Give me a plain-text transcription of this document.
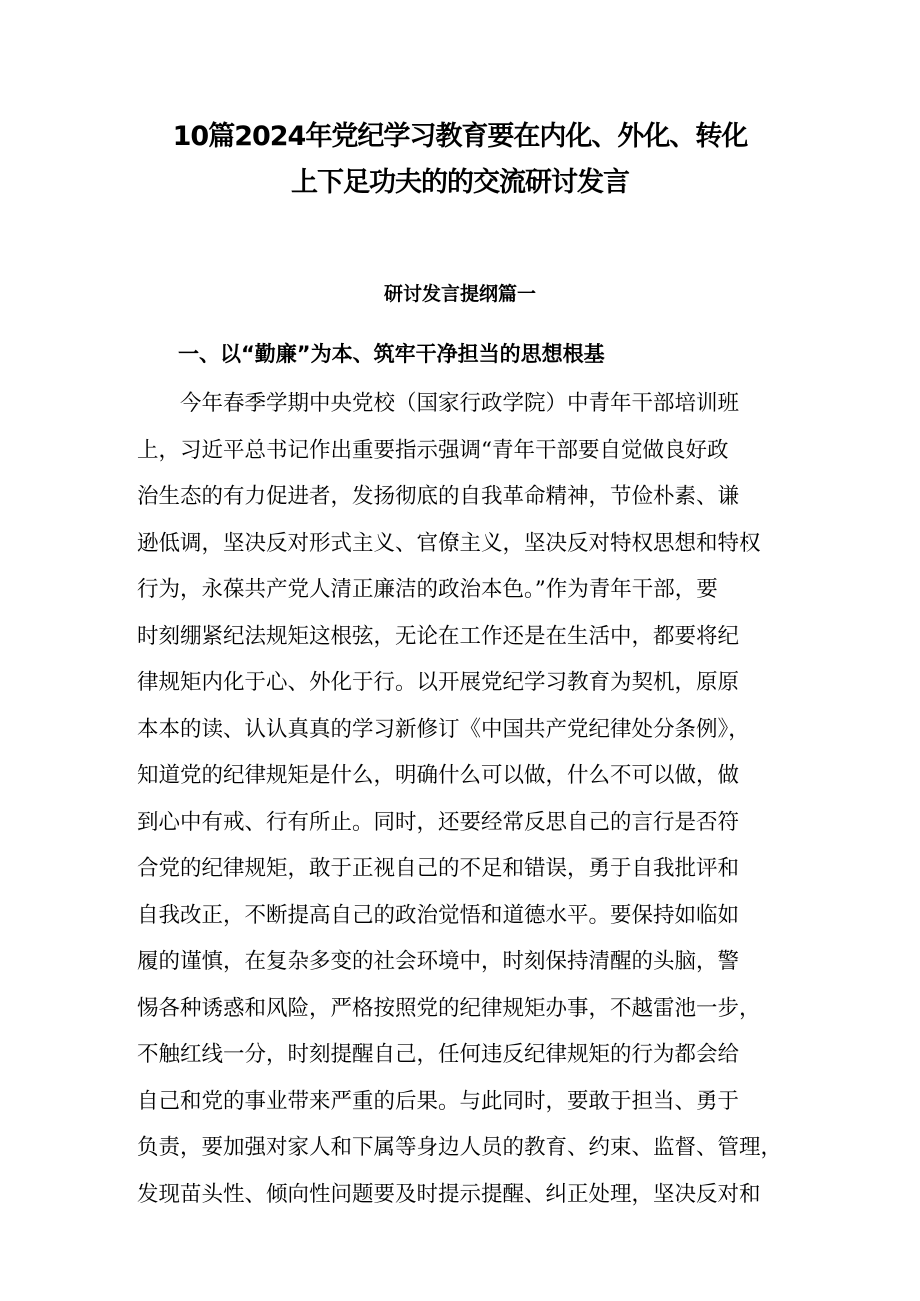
10篇2024年党纪学习教育要在内化、外化、转化
上下足功夫的的交流研讨发言
研讨发言提纲篇一
一、以“勤廉”为本、筑牢干净担当的思想根基
今年春季学期中央党校（国家行政学院）中青年干部培训班
上，习近平总书记作出重要指示强调“青年干部要自觉做良好政
治生态的有力促进者，发扬彻底的自我革命精神，节俭朴素、谦
逊低调，坚决反对形式主义、官僚主义，坚决反对特权思想和特权
行为，永葆共产党人清正廉洁的政治本色。”作为青年干部，要
时刻绷紧纪法规矩这根弦，无论在工作还是在生活中，都要将纪
律规矩内化于心、外化于行。以开展党纪学习教育为契机，原原
本本的读、认认真真的学习新修订《中国共产党纪律处分条例》，
知道党的纪律规矩是什么，明确什么可以做，什么不可以做，做
到心中有戒、行有所止。同时，还要经常反思自己的言行是否符
合党的纪律规矩，敢于正视自己的不足和错误，勇于自我批评和
自我改正，不断提高自己的政治觉悟和道德水平。要保持如临如
履的谨慎，在复杂多变的社会环境中，时刻保持清醒的头脑，警
惕各种诱惑和风险，严格按照党的纪律规矩办事，不越雷池一步，
不触红线一分，时刻提醒自己，任何违反纪律规矩的行为都会给
自己和党的事业带来严重的后果。与此同时，要敢于担当、勇于
负责，要加强对家人和下属等身边人员的教育、约束、监督、管理，
发现苗头性、倾向性问题要及时提示提醒、纠正处理，坚决反对和
